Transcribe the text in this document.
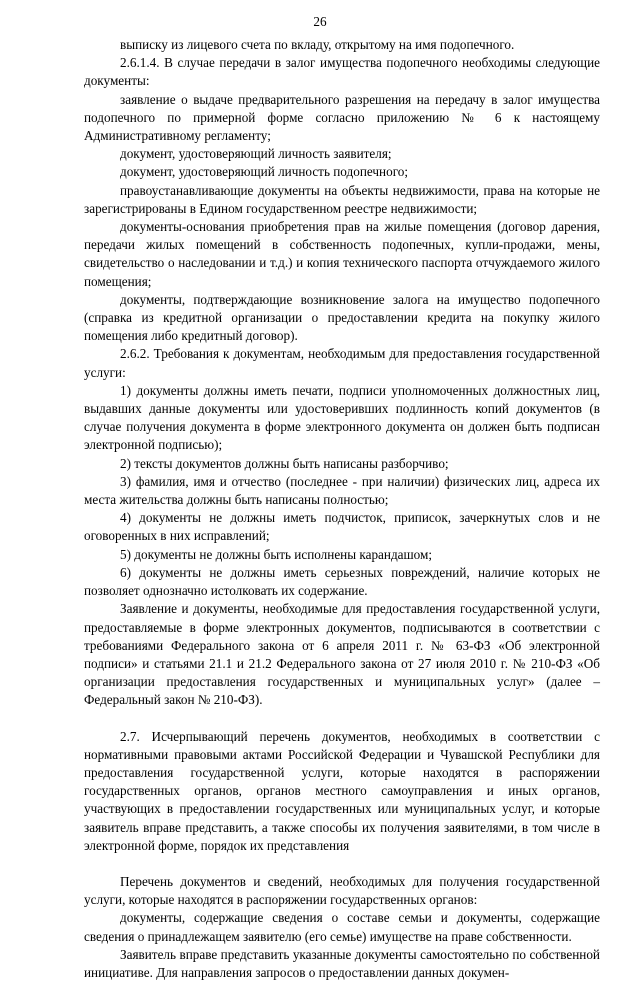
26

выписку из лицевого счета по вкладу, открытому на имя подопечного.

2.6.1.4. В случае передачи в залог имущества подопечного необходимы следующие документы:

заявление о выдаче предварительного разрешения на передачу в залог имущества подопечного по примерной форме согласно приложению № 6 к настоящему Административному регламенту;

документ, удостоверяющий личность заявителя;

документ, удостоверяющий личность подопечного;

правоустанавливающие документы на объекты недвижимости, права на которые не зарегистрированы в Едином государственном реестре недвижимости;

документы-основания приобретения прав на жилые помещения (договор дарения, передачи жилых помещений в собственность подопечных, купли-продажи, мены, свидетельство о наследовании и т.д.) и копия технического паспорта отчуждаемого жилого помещения;

документы, подтверждающие возникновение залога на имущество подопечного (справка из кредитной организации о предоставлении кредита на покупку жилого помещения либо кредитный договор).

2.6.2. Требования к документам, необходимым для предоставления государственной услуги:

1) документы должны иметь печати, подписи уполномоченных должностных лиц, выдавших данные документы или удостоверивших подлинность копий документов (в случае получения документа в форме электронного документа он должен быть подписан электронной подписью);

2) тексты документов должны быть написаны разборчиво;

3) фамилия, имя и отчество (последнее - при наличии) физических лиц, адреса их места жительства должны быть написаны полностью;

4) документы не должны иметь подчисток, приписок, зачеркнутых слов и не оговоренных в них исправлений;

5) документы не должны быть исполнены карандашом;

6) документы не должны иметь серьезных повреждений, наличие которых не позволяет однозначно истолковать их содержание.

Заявление и документы, необходимые для предоставления государственной услуги, предоставляемые в форме электронных документов, подписываются в соответствии с требованиями Федерального закона от 6 апреля 2011 г. № 63-ФЗ «Об электронной подписи» и статьями 21.1 и 21.2 Федерального закона от 27 июля 2010 г. № 210-ФЗ «Об организации предоставления государственных и муниципальных услуг» (далее – Федеральный закон № 210-ФЗ).

2.7. Исчерпывающий перечень документов, необходимых в соответствии с нормативными правовыми актами Российской Федерации и Чувашской Республики для предоставления государственной услуги, которые находятся в распоряжении государственных органов, органов местного самоуправления и иных органов, участвующих в предоставлении государственных или муниципальных услуг, и которые заявитель вправе представить, а также способы их получения заявителями, в том числе в электронной форме, порядок их представления

Перечень документов и сведений, необходимых для получения государственной услуги, которые находятся в распоряжении государственных органов:

документы, содержащие сведения о составе семьи и документы, содержащие сведения о принадлежащем заявителю (его семье) имуществе на праве собственности.

Заявитель вправе представить указанные документы самостоятельно по собственной инициативе. Для направления запросов о предоставлении данных докумен-
